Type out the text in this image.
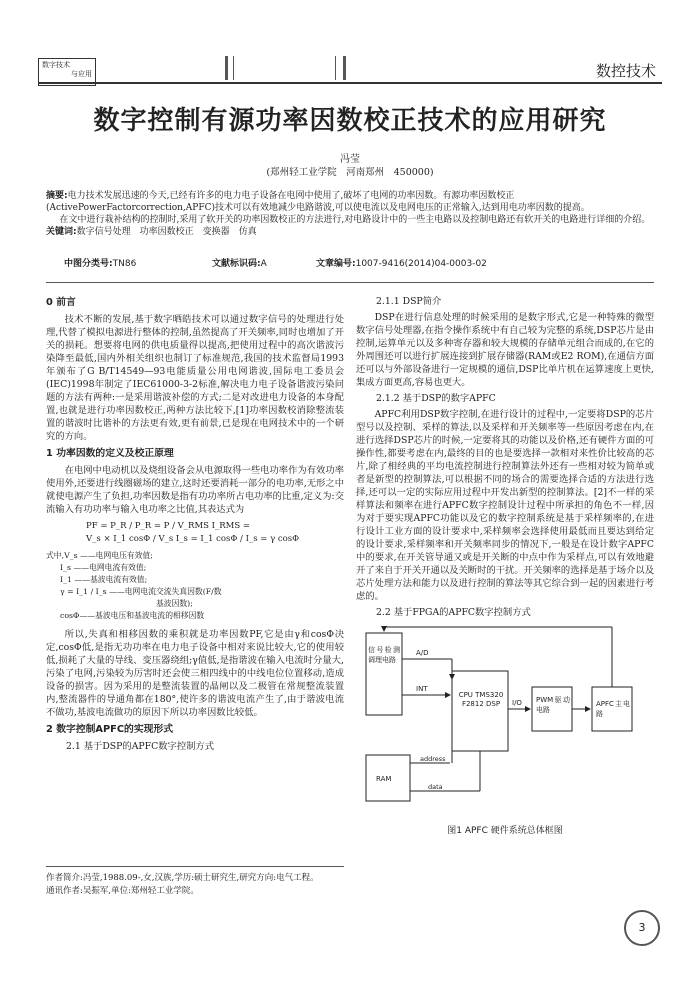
数字技术
与应用	数控技术
数字控制有源功率因数校正技术的应用研究
冯莹
(郑州轻工业学院　河南郑州　450000)
摘要:电力技术发展迅速的今天,已经有许多的电力电子设备在电网中使用了,破坏了电网的功率因数。有源功率因数校正(ActivePowerFactorcorrection,APFC)技术可以有效地减少电路谐波,可以使电流以及电网电压的正常输入,达到用电功率因数的提高。
在文中进行栽补结构的控制时,采用了软开关的功率因数校正的方法进行,对电路设计中的一些主电路以及控制电路还有软开关的电路进行详细的介绍。
关键词:数字信号处理　功率因数校正　变换器　仿真
中图分类号:TN86	文献标识码:A	文章编号:1007-9416(2014)04-0003-02
0 前言

技术不断的发展,基于数字晒皓技术可以通过数字信号的处理进行处理,代替了模拟电源进行整体的控制,虽然提高了开关频率,同时也增加了开关的损耗。想要将电网的供电质量得以提高,把使用过程中的高次谐波污染降至最低,国内外相关组织也制订了标准规范,我国的技术监督局1993年颁布了G B/T14549—93电能质量公用电网谐波,国际电工委员会(IEC)1998年制定了IEC61000-3-2标准,解决电力电子设备谐波污染问题的方法有两种:一是采用谐波补偿的方式;二是对改进电力设备的本身配置,也就是进行功率因数校正,两种方法比较下,[1]功率因数校消除整流装置的谐波时比谐补的方法更有效,更有前景,已是现在电网技术中的一个研究的方向。

1 功率因数的定义及校正原理

在电网中电动机以及烧组设备会从电源取得一些电功率作为有效功率使用外,还要进行线圈磁场的建立,这时还要消耗一部分的电功率,无形之中就使电源产生了负担,功率因数是指有功功率所占电功率的比重,定义为:交流输入有功功率与输入电功率之比值,其表达式为

PF = P_R / P_R = P / V_RMS I_RMS =
V_s × I_1 cosΦ / V_s I_s = I_1 cosΦ / I_s = γ cosΦ
式中,V_s ——电网电压有效值;
I_s ——电网电流有效值;
I_1 ——基波电流有效值;
γ = I_1 / I_s ——电网电流交流失真因数(F/数
基波因数);
cosΦ——基波电压和基波电流的相移因数

所以,失真和相移因数的乘积就是功率因数PF,它是由γ和cosΦ决定,cosΦ低,是指无功功率在电力电子设备中相对来说比较大,它的使用较低,损耗了大量的导线、变压器绕组;γ值低,是指谐波在输入电流时分量大,污染了电网,污染较为厉害时还会使三相四线中的中线电位位置移动,造成设备的损害。因为采用的是整流装置的晶闸以及二极管在常规整流装置内,整流器件的导通角都在180°,使许多的谐波电流产生了,由于谐波电流不做功,基波电流做功的原因下所以功率因数比较低。

2 数字控制APFC的实现形式
2.1 基于DSP的APFC数字控制方式
2.1.1 DSP简介

DSP在进行信息处理的时候采用的是数字形式,它是一种特殊的微型数字信号处理器,在指令操作系统中有自己较为完整的系统,DSP芯片是由控制,运算单元以及多种寄存器和较大规模的存储单元组合而成的,在它的外周围还可以进行扩展连接到扩展存储器(RAM或E2 ROM),在通信方面还可以与外部设备进行一定规模的通信,DSP比单片机在运算速度上更快,集成方面更高,容易也更大。

2.1.2 基于DSP的数字APFC

APFC利用DSP数字控制,在进行设计的过程中,一定要将DSP的芯片型号以及控制、采样的算法,以及采样和开关频率等一些原因考虑在内,在进行选择DSP芯片的时候,一定要将其的功能以及价格,还有硬件方面的可操作性,都要考虑在内,最终的目的也是要选择一款相对来性价比较高的芯片,除了相经典的平均电流控制进行控制算法外还有一些相对较为简单或者是新型的控制算法,可以根据不同的场合的需要选择合适的方法进行选择,还可以一定的实际应用过程中开发出新型的控制算法。[2]不一样的采样算法和频率在进行APFC数字控制设计过程中所承担的角色不一样,因为对于要实现APFC功能以及它的数字控制系统是基于采样频率的,在进行设计工业方面的设计要求中,采样频率会选择使用最低而且要达到给定的设计要求,采样频率和开关频率同步的情况下,一般是在设计数字APFC中的要求,在开关管导通又或是开关断的中点中作为采样点,可以有效地避开了来自于开关开通以及关断时的干扰。开关频率的选择是基于场介以及芯片处理方法和能力以及进行控制的算法等其它综合到一起的因素进行考虑的。

2.2 基于FPGA的APFC数字控制方式
信号检测调理电路
A/D
INT
CPU TMS320 F2812 DSP	I/O PWM驱动电路
APFC主电路
address
data
RAM
图1 APFC 硬件系统总体框图
作者简介:冯莹,1988.09-,女,汉族,学历:硕士研究生,研究方向:电气工程。
通讯作者:吴振军,单位:郑州轻工业学院。
3
